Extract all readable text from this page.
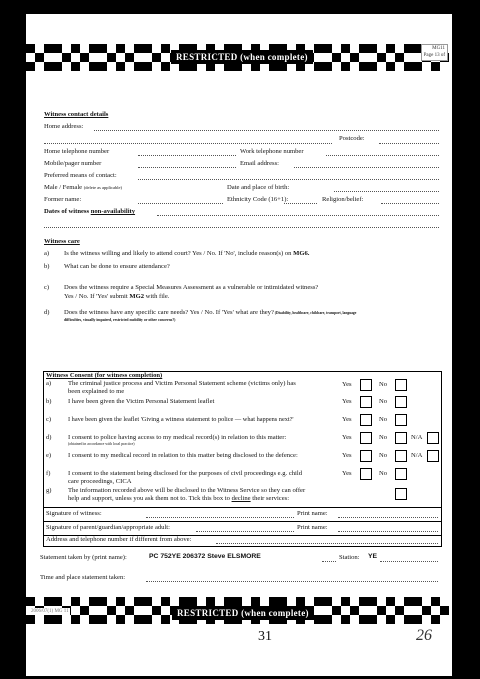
RESTRICTED (when complete)
MG11
Page 13 of
Witness contact details
Home address:
Postcode:
Home telephone number	Work telephone number
Mobile/pager number	Email address:
Preferred means of contact:
Male / Female (delete as applicable)	Date and place of birth:
Former name:	Ethnicity Code (16+1):	Religion/belief:
Dates of witness non-availability
Witness care
a) Is the witness willing and likely to attend court? Yes / No. If 'No', include reason(s) on MG6.
b) What can be done to ensure attendance?
c) Does the witness require a Special Measures Assessment as a vulnerable or intimidated witness?
Yes / No. If 'Yes' submit MG2 with file.
d) Does the witness have any specific care needs? Yes / No. If 'Yes' what are they? (Disability, healthcare, childcare, transport, language
difficulties, visually impaired, restricted mobility or other concerns?)
Witness Consent (for witness completion)
a)	The criminal justice process and Victim Personal Statement scheme (victims only) has
been explained to me
Yes	No
b)	I have been given the Victim Personal Statement leaflet	Yes	No
c)	I have been given the leaflet 'Giving a witness statement to police — what happens next?'	Yes	No
d)	I consent to police having access to my medical record(s) in relation to this matter:
(obtained in accordance with local practice)
Yes	No	N/A
e)	I consent to my medical record in relation to this matter being disclosed to the defence:	Yes	No	N/A
f)	I consent to the statement being disclosed for the purposes of civil proceedings e.g. child
care proceedings, CICA
Yes	No
g)	The information recorded above will be disclosed to the Witness Service so they can offer
help and support, unless you ask them not to. Tick this box to decline their services:
Signature of witness:	Print name:
Signature of parent/guardian/appropriate adult:	Print name:
Address and telephone number if different from above:
Statement taken by (print name):	PC 752YE 206372 Steve ELSMORE	Station: YE
Time and place statement taken:
2006/07(1) MG 11	RESTRICTED (when complete)
31	26
